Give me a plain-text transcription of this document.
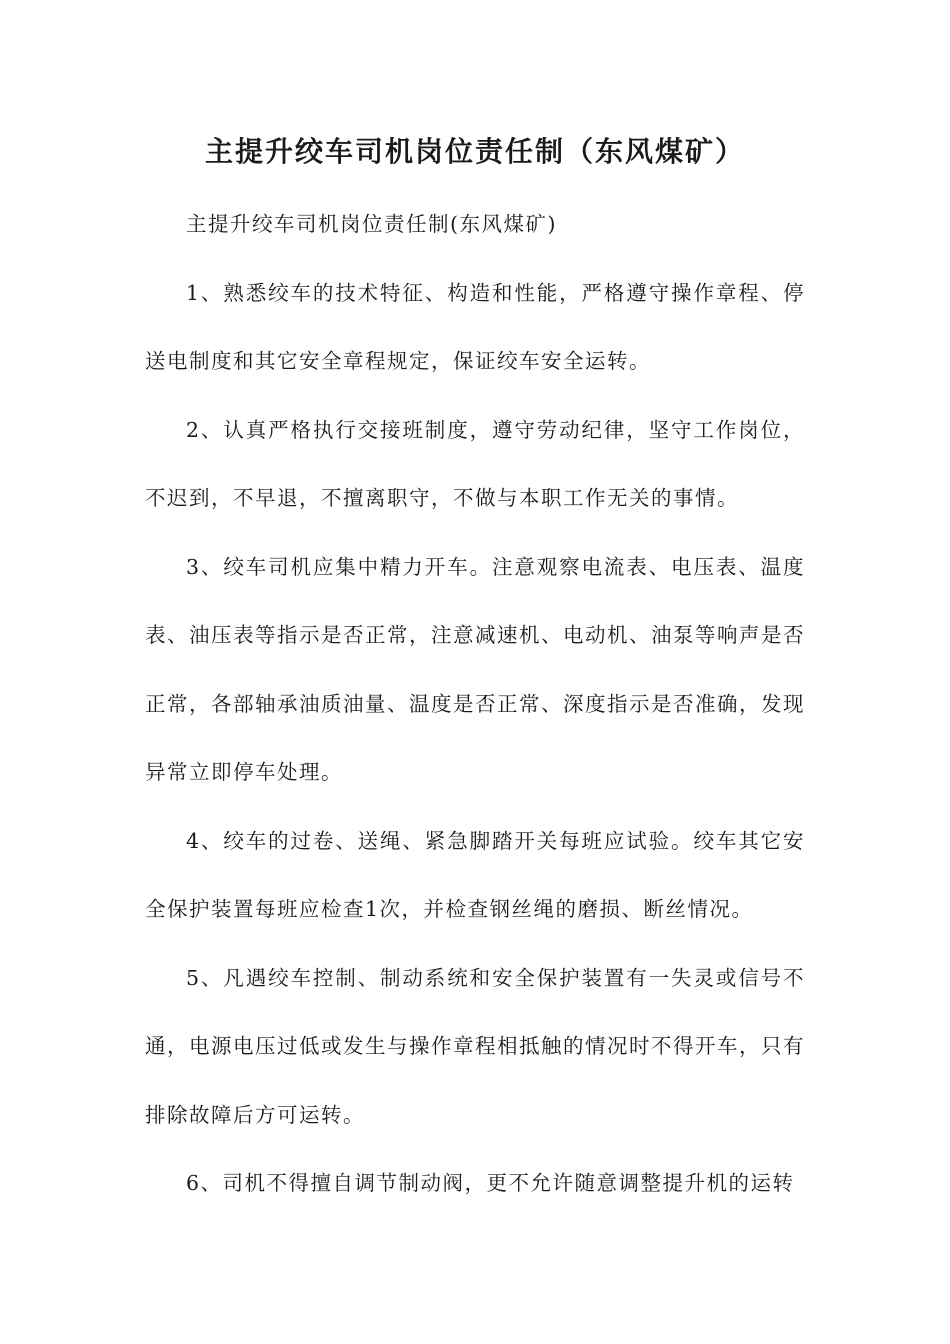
主提升绞车司机岗位责任制（东风煤矿）

主提升绞车司机岗位责任制(东风煤矿)

1、熟悉绞车的技术特征、构造和性能，严格遵守操作章程、停送电制度和其它安全章程规定，保证绞车安全运转。

2、认真严格执行交接班制度，遵守劳动纪律，坚守工作岗位，不迟到，不早退，不擅离职守，不做与本职工作无关的事情。

3、绞车司机应集中精力开车。注意观察电流表、电压表、温度表、油压表等指示是否正常，注意减速机、电动机、油泵等响声是否正常，各部轴承油质油量、温度是否正常、深度指示是否准确，发现异常立即停车处理。

4、绞车的过卷、送绳、紧急脚踏开关每班应试验。绞车其它安全保护装置每班应检查1次，并检查钢丝绳的磨损、断丝情况。

5、凡遇绞车控制、制动系统和安全保护装置有一失灵或信号不通，电源电压过低或发生与操作章程相抵触的情况时不得开车，只有排除故障后方可运转。

6、司机不得擅自调节制动阀，更不允许随意调整提升机的运转
